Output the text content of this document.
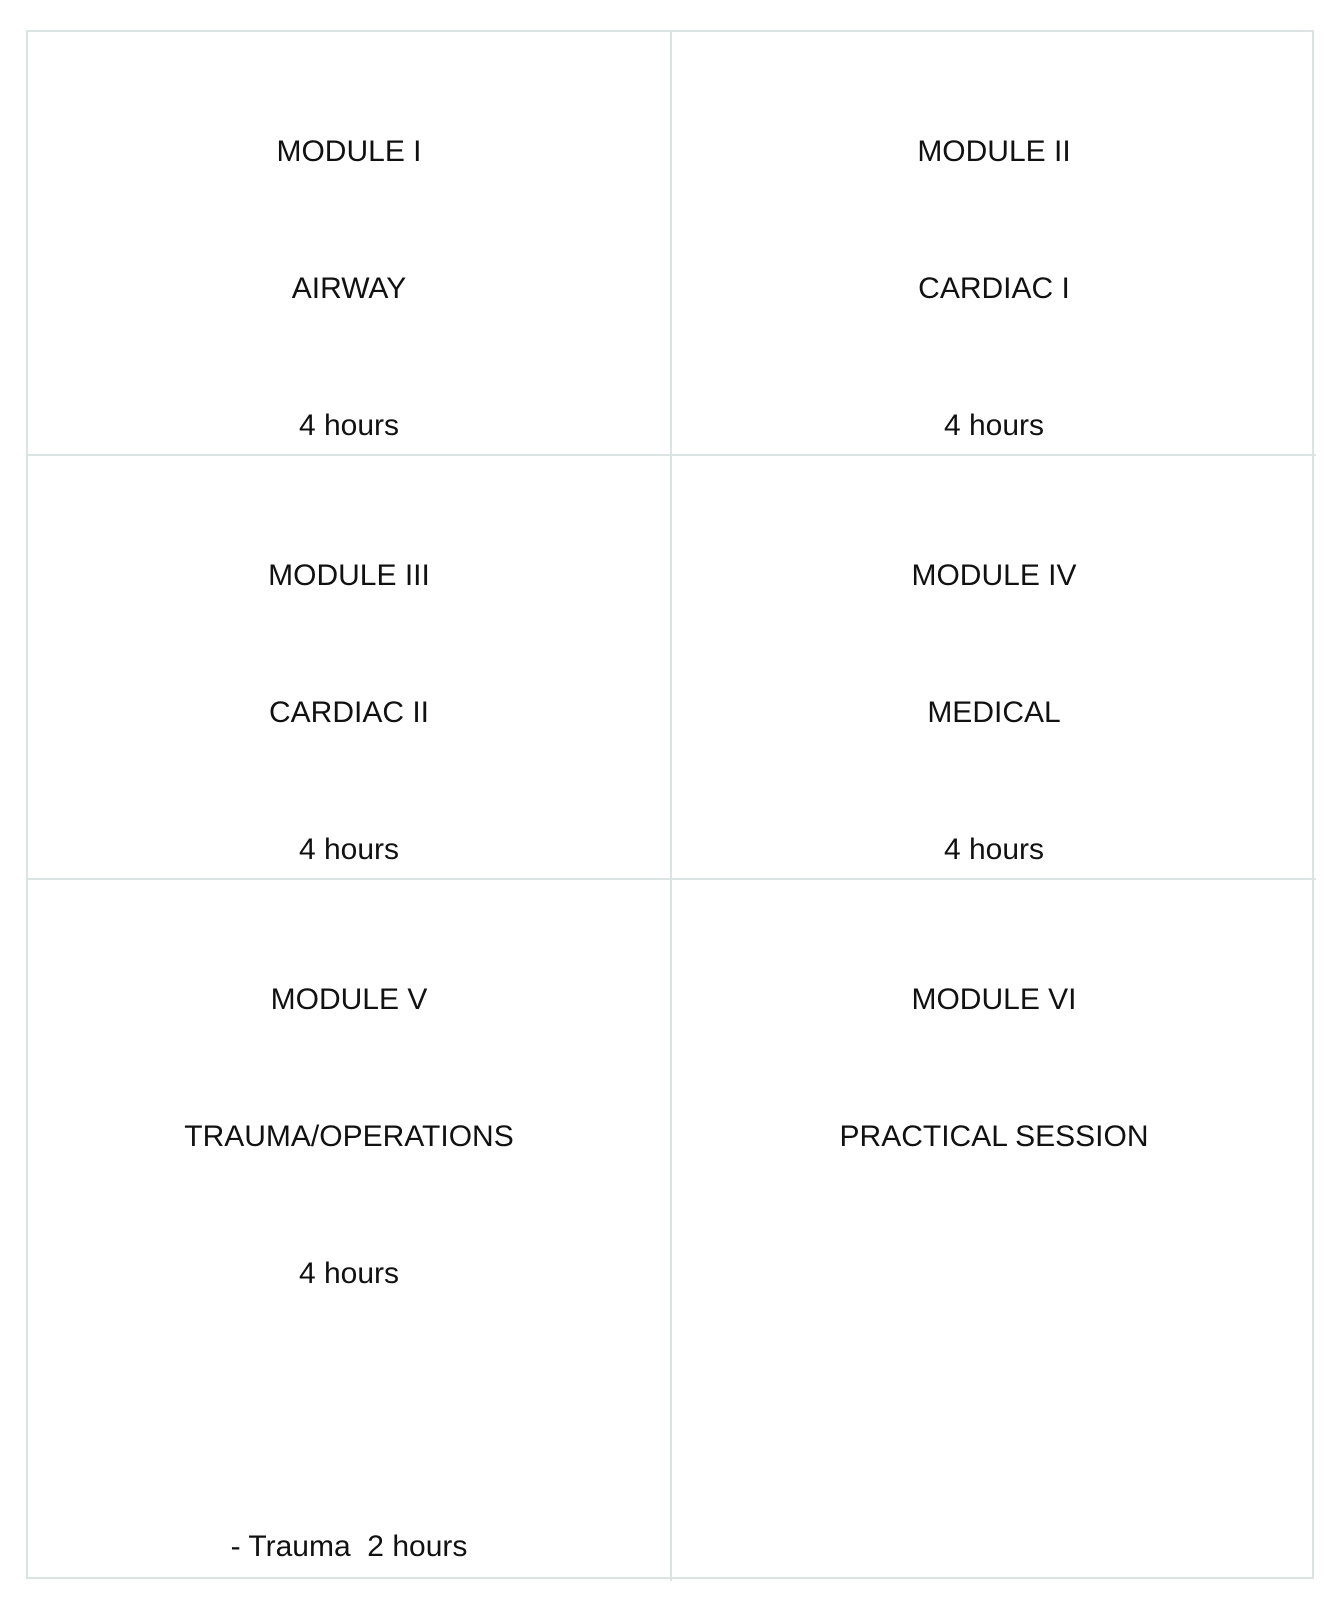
MODULE I

AIRWAY

4 hours

MODULE II

CARDIAC I

4 hours

MODULE III

CARDIAC II

4 hours

MODULE IV

MEDICAL

4 hours

MODULE V

TRAUMA/OPERATIONS

4 hours

- Trauma  2 hours

MODULE VI

PRACTICAL SESSION
